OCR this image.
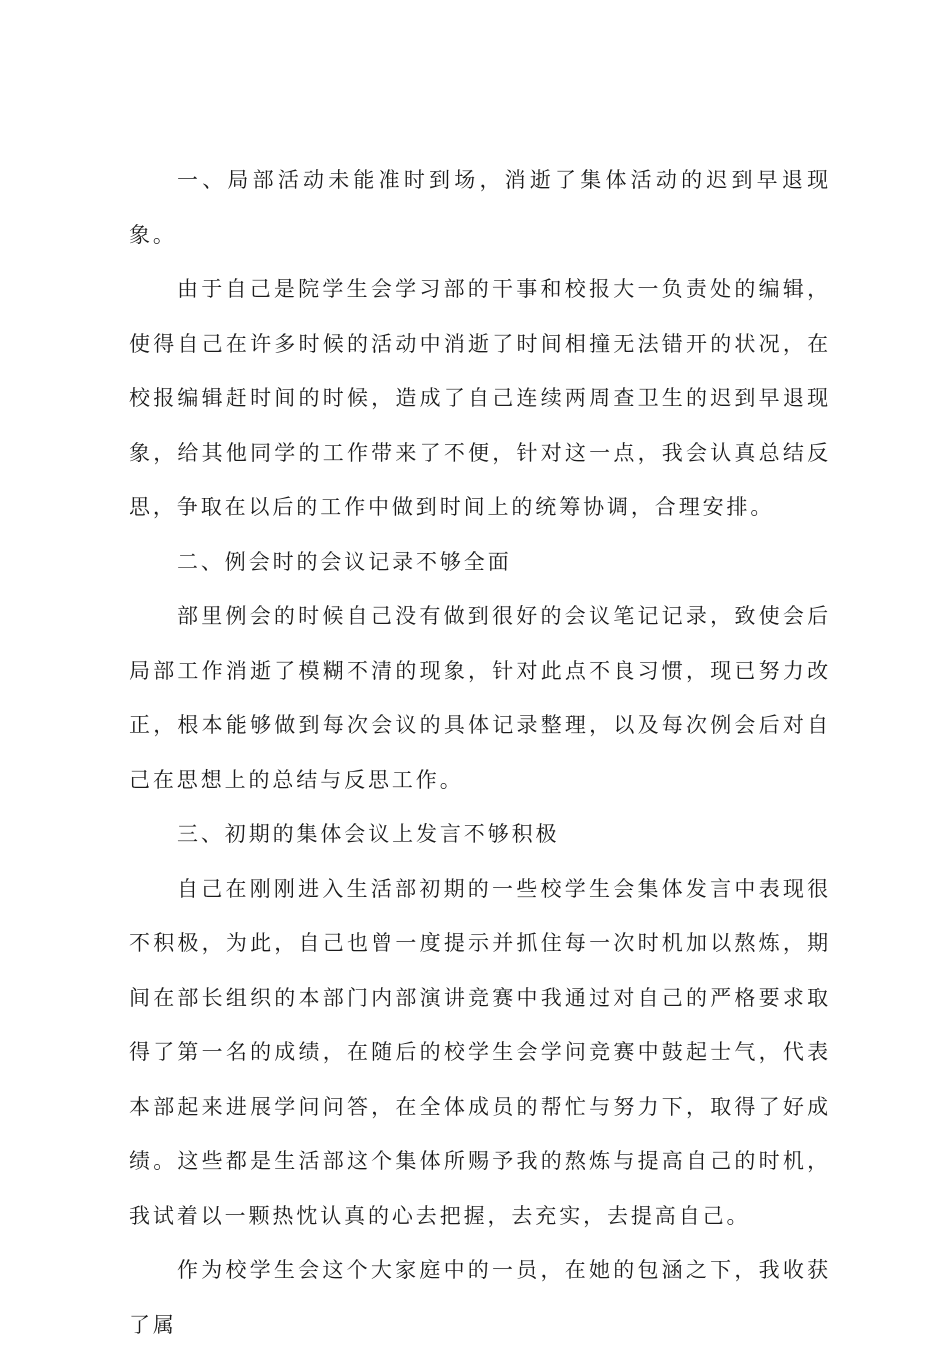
一、局部活动未能准时到场，消逝了集体活动的迟到早退现象。

由于自己是院学生会学习部的干事和校报大一负责处的编辑，使得自己在许多时候的活动中消逝了时间相撞无法错开的状况，在校报编辑赶时间的时候，造成了自己连续两周查卫生的迟到早退现象，给其他同学的工作带来了不便，针对这一点，我会认真总结反思，争取在以后的工作中做到时间上的统筹协调，合理安排。

二、例会时的会议记录不够全面

部里例会的时候自己没有做到很好的会议笔记记录，致使会后局部工作消逝了模糊不清的现象，针对此点不良习惯，现已努力改正，根本能够做到每次会议的具体记录整理，以及每次例会后对自己在思想上的总结与反思工作。

三、初期的集体会议上发言不够积极

自己在刚刚进入生活部初期的一些校学生会集体发言中表现很不积极，为此，自己也曾一度提示并抓住每一次时机加以熬炼，期间在部长组织的本部门内部演讲竞赛中我通过对自己的严格要求取得了第一名的成绩，在随后的校学生会学问竞赛中鼓起士气，代表本部起来进展学问问答，在全体成员的帮忙与努力下，取得了好成绩。这些都是生活部这个集体所赐予我的熬炼与提高自己的时机，我试着以一颗热忱认真的心去把握，去充实，去提高自己。

作为校学生会这个大家庭中的一员，在她的包涵之下，我收获了属
